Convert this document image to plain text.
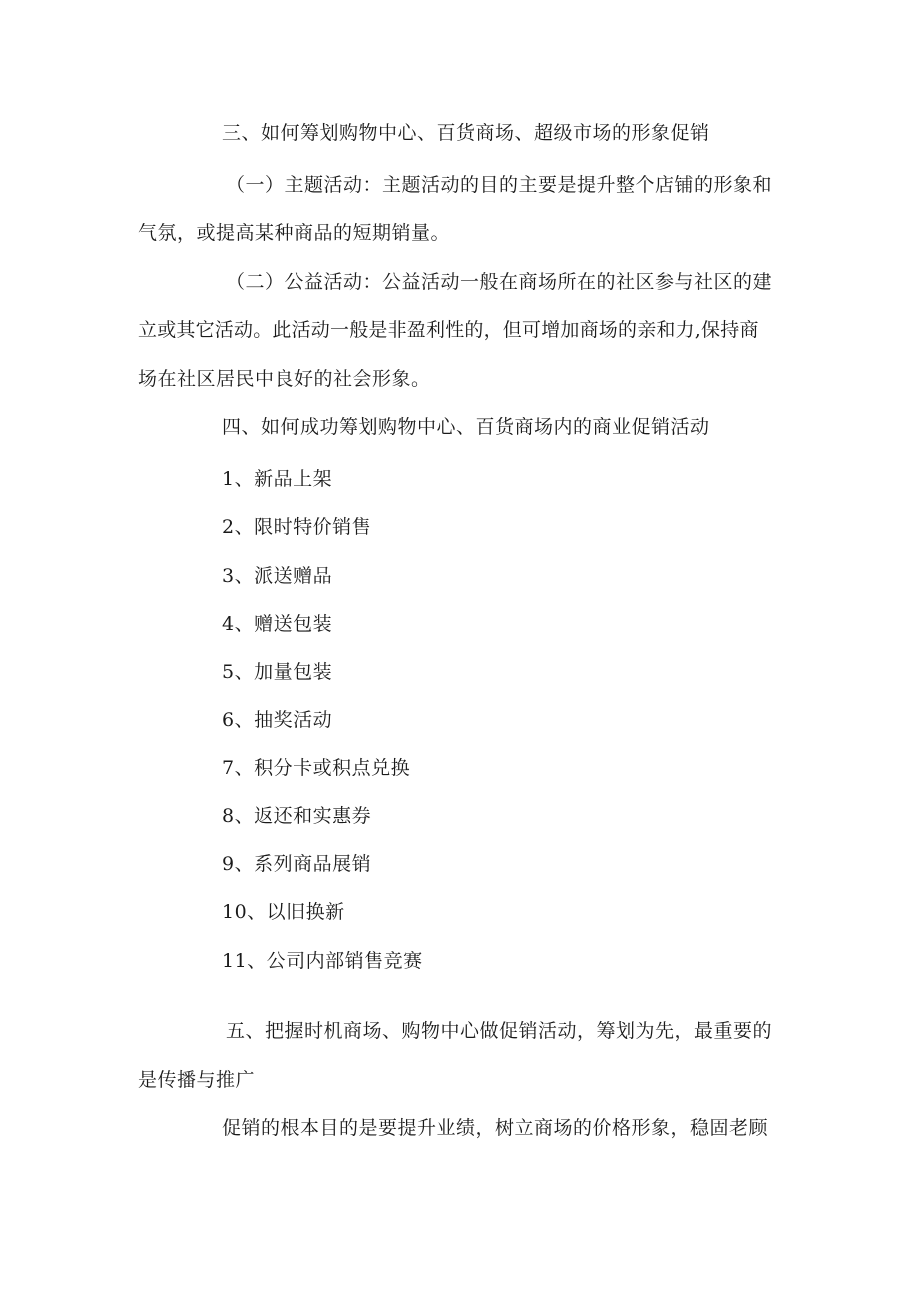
三、如何筹划购物中心、百货商场、超级市场的形象促销
（一）主题活动：主题活动的目的主要是提升整个店铺的形象和
气氛，或提高某种商品的短期销量。
（二）公益活动：公益活动一般在商场所在的社区参与社区的建
立或其它活动。此活动一般是非盈利性的，但可增加商场的亲和力,保持商
场在社区居民中良好的社会形象。
四、如何成功筹划购物中心、百货商场内的商业促销活动
1、新品上架
2、限时特价销售
3、派送赠品
4、赠送包装
5、加量包装
6、抽奖活动
7、积分卡或积点兑换
8、返还和实惠券
9、系列商品展销
10、以旧换新
11、公司内部销售竞赛
五、把握时机商场、购物中心做促销活动，筹划为先，最重要的
是传播与推广
促销的根本目的是要提升业绩，树立商场的价格形象，稳固老顾
